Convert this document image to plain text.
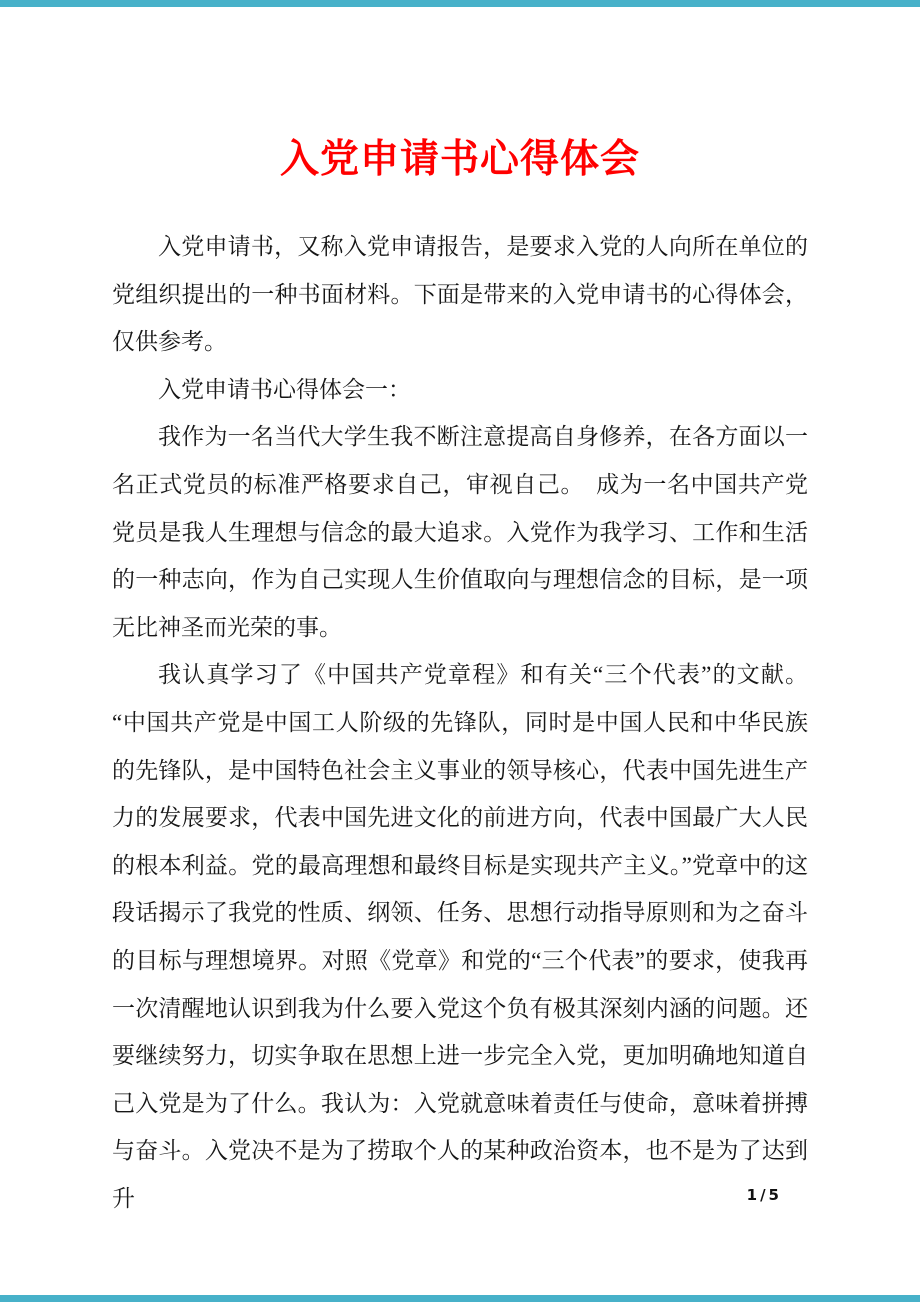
入党申请书心得体会

入党申请书，又称入党申请报告，是要求入党的人向所在单位的党组织提出的一种书面材料。下面是带来的入党申请书的心得体会，仅供参考。

入党申请书心得体会一：

我作为一名当代大学生我不断注意提高自身修养，在各方面以一名正式党员的标准严格要求自己，审视自己。　成为一名中国共产党党员是我人生理想与信念的最大追求。入党作为我学习、工作和生活的一种志向，作为自己实现人生价值取向与理想信念的目标，是一项无比神圣而光荣的事。

我认真学习了《中国共产党章程》和有关“三个代表”的文献。“中国共产党是中国工人阶级的先锋队，同时是中国人民和中华民族的先锋队，是中国特色社会主义事业的领导核心，代表中国先进生产力的发展要求，代表中国先进文化的前进方向，代表中国最广大人民的根本利益。党的最高理想和最终目标是实现共产主义。”党章中的这段话揭示了我党的性质、纲领、任务、思想行动指导原则和为之奋斗的目标与理想境界。对照《党章》和党的“三个代表”的要求，使我再一次清醒地认识到我为什么要入党这个负有极其深刻内涵的问题。还要继续努力，切实争取在思想上进一步完全入党，更加明确地知道自己入党是为了什么。我认为：入党就意味着责任与使命，意味着拼搏与奋斗。入党决不是为了捞取个人的某种政治资本，也不是为了达到升	1/5
